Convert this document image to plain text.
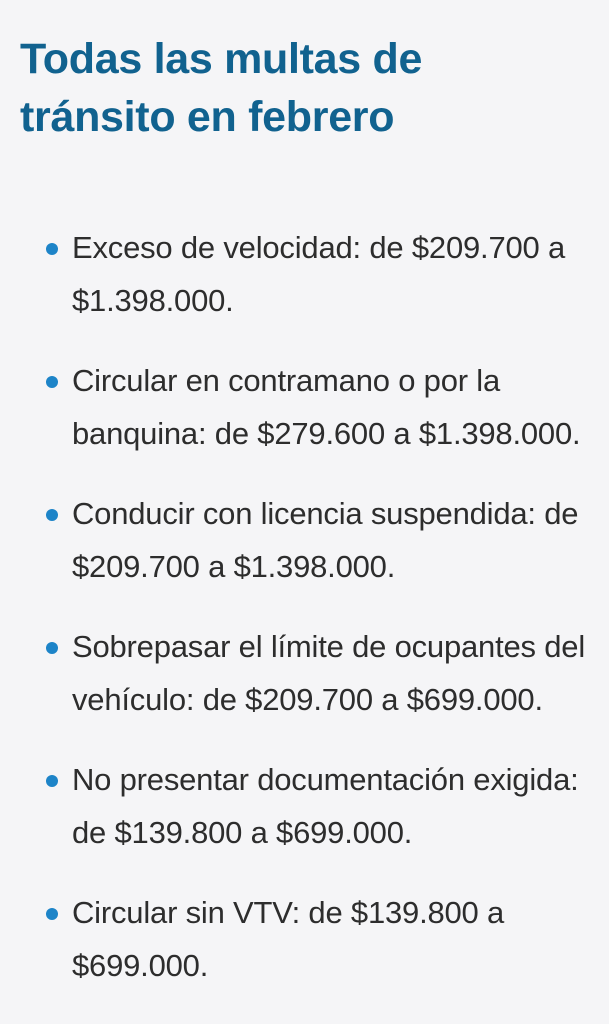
Todas las multas de tránsito en febrero
Exceso de velocidad: de $209.700 a $1.398.000.
Circular en contramano o por la banquina: de $279.600 a $1.398.000.
Conducir con licencia suspendida: de $209.700 a $1.398.000.
Sobrepasar el límite de ocupantes del vehículo: de $209.700 a $699.000.
No presentar documentación exigida: de $139.800 a $699.000.
Circular sin VTV: de $139.800 a $699.000.
